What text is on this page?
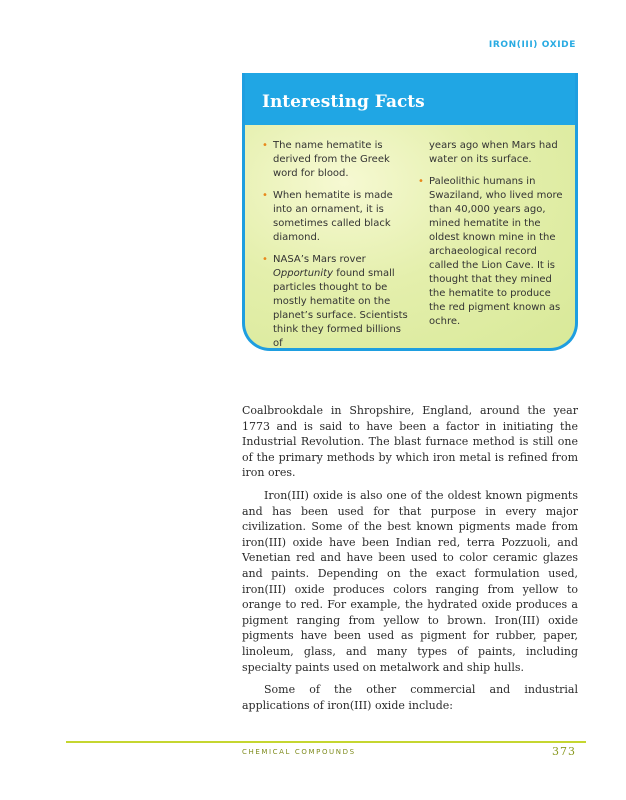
IRON(III) OXIDE
Interesting Facts
• The name hematite is derived from the Greek word for blood.
• When hematite is made into an ornament, it is sometimes called black diamond.
• NASA’s Mars rover Opportunity found small particles thought to be mostly hematite on the planet’s surface. Scientists think they formed billions of
years ago when Mars had water on its surface.
• Paleolithic humans in Swaziland, who lived more than 40,000 years ago, mined hematite in the oldest known mine in the archaeological record called the Lion Cave. It is thought that they mined the hematite to produce the red pigment known as ochre.

Coalbrookdale in Shropshire, England, around the year 1773 and is said to have been a factor in initiating the Industrial Revolution. The blast furnace method is still one of the primary methods by which iron metal is refined from iron ores.

Iron(III) oxide is also one of the oldest known pigments and has been used for that purpose in every major civilization. Some of the best known pigments made from iron(III) oxide have been Indian red, terra Pozzuoli, and Venetian red and have been used to color ceramic glazes and paints. Depending on the exact formulation used, iron(III) oxide produces colors ranging from yellow to orange to red. For example, the hydrated oxide produces a pigment ranging from yellow to brown. Iron(III) oxide pigments have been used as pigment for rubber, paper, linoleum, glass, and many types of paints, including specialty paints used on metalwork and ship hulls.

Some of the other commercial and industrial applications of iron(III) oxide include:

CHEMICAL COMPOUNDS	373
